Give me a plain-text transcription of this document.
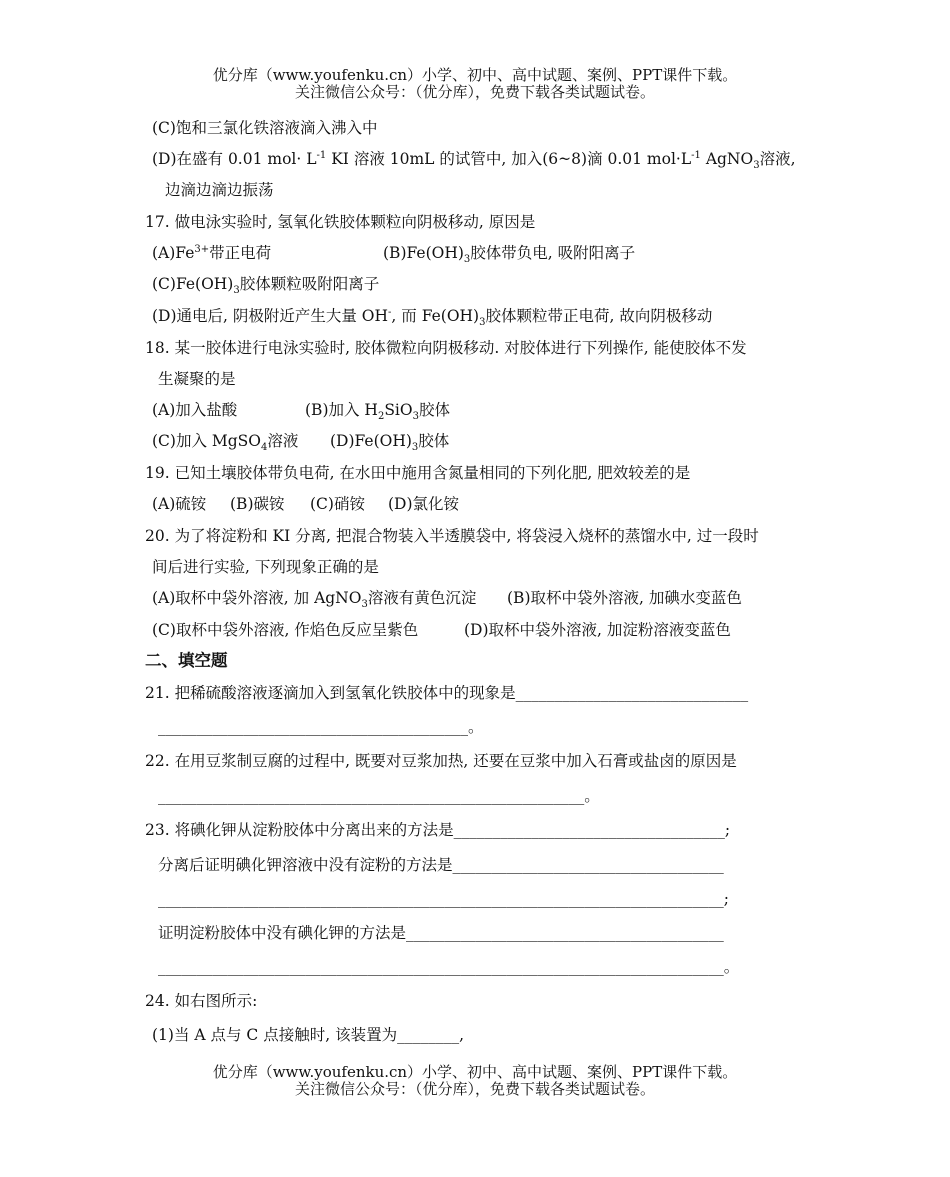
优分库（www.youfenku.cn）小学、初中、高中试题、案例、PPT课件下载。
关注微信公众号：（优分库），免费下载各类试题试卷。
(C)饱和三氯化铁溶液滴入沸入中
(D)在盛有 0.01 $mol\cdot L^{-1}$ KI 溶液 10mL 的试管中, 加入(6~8)滴 0.01 $mol\cdot L^{-1}$ AgNO$_3$溶液,
边滴边滴边振荡
17. 做电泳实验时, 氢氧化铁胶体颗粒向阴极移动, 原因是
$(A)Fe^{3+}$带正电荷	$(B)Fe(OH)_3$胶体带负电, 吸附阳离子
$(C)Fe(OH)_3$胶体颗粒吸附阳离子
(D)通电后, 阴极附近产生大量 OH-, 而 $Fe(OH)_3$胶体颗粒带正电荷, 故向阴极移动
18. 某一胶体进行电泳实验时, 胶体微粒向阴极移动. 对胶体进行下列操作, 能使胶体不发
生凝聚的是
(A)加入盐酸	(B)加入 $H_2SiO_3$胶体
(C)加入 MgSO$_4$溶液 $(D)Fe(OH)_3$胶体
19. 已知土壤胶体带负电荷, 在水田中施用含氮量相同的下列化肥, 肥效较差的是
(A)硫铵 (B)碳铵 (C)硝铵 (D)氯化铵
20. 为了将淀粉和 KI 分离, 把混合物装入半透膜袋中, 将袋浸入烧杯的蒸馏水中, 过一段时
间后进行实验, 下列现象正确的是
(A)取杯中袋外溶液, 加 AgNO$_3$溶液有黄色沉淀 (B)取杯中袋外溶液, 加碘水变蓝色
(C)取杯中袋外溶液, 作焰色反应呈紫色	(D)取杯中袋外溶液, 加淀粉溶液变蓝色
二、填空题
21. 把稀硫酸溶液逐滴加入到氢氧化铁胶体中的现象是______________________________
________________________________________。
22. 在用豆浆制豆腐的过程中, 既要对豆浆加热, 还要在豆浆中加入石膏或盐卤的原因是
_______________________________________________________。
23. 将碘化钾从淀粉胶体中分离出来的方法是___________________________________;
分离后证明碘化钾溶液中没有淀粉的方法是___________________________________
_________________________________________________________________________;
证明淀粉胶体中没有碘化钾的方法是_________________________________________
_________________________________________________________________________。
24. 如右图所示:
(1)当 A 点与 C 点接触时, 该装置为________,
优分库（www.youfenku.cn）小学、初中、高中试题、案例、PPT课件下载。
关注微信公众号：（优分库），免费下载各类试题试卷。
